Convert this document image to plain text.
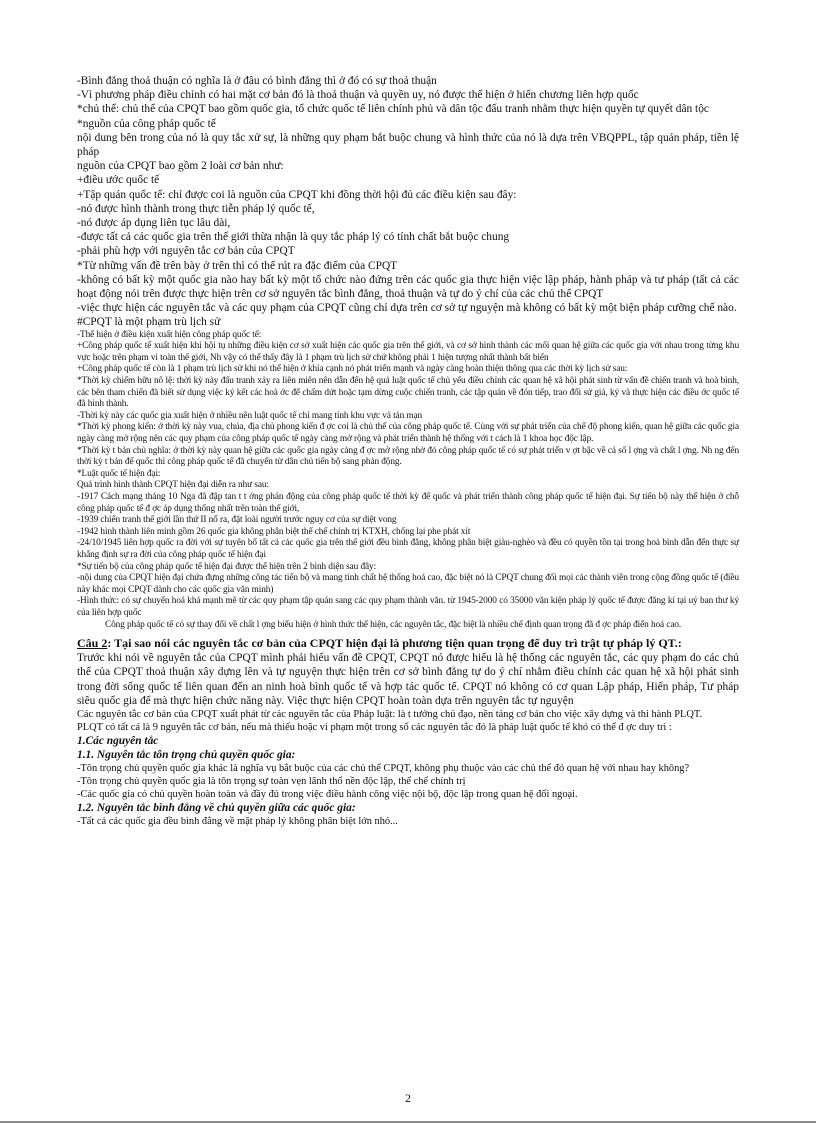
-Bình đẳng thoả thuận có nghĩa là ở đâu có bình đẳng thì ở đó có sự thoả thuận

-Vì phương pháp điều chỉnh có hai mặt cơ bản đó là thoả thuận và quyền uy, nó được thể hiện ở hiến chương liên hợp quốc

*chủ thể: chủ thể của CPQT bao gồm quốc gia, tổ chức quốc tế liên chính phủ và dân tộc đấu tranh nhằm thực hiện quyền tự quyết dân tộc

*nguồn của công pháp quốc tế

nội dung bên trong của nó là quy tắc xử sự, là những quy phạm bắt buộc chung và hình thức của nó là dựa trên VBQPPL, tập quán pháp, tiền lệ pháp

nguồn của CPQT bao gồm 2 loài cơ bản như:

+điều ước quốc tế

+Tập quán quốc tế: chỉ được coi là nguồn của CPQT khi đồng thời hội đủ các điều kiện sau đây:

-nó được hình thành trong thực tiễn pháp lý quốc tế,

-nó được áp dụng liên tục lâu dài,

-được tất cả các quốc gia trên thế giới thừa nhận là quy tắc pháp lý có tính chất bắt buộc chung

-phải phù hợp với nguyên tắc cơ bản của CPQT

*Từ những vấn đề trên bày ở trên thì có thể rút ra đặc điểm của CPQT

-không có bất kỳ một quốc gia nào hay bất kỳ một tổ chức nào đứng trên các quốc gia thực hiện việc lập pháp, hành pháp và tư pháp (tất cả các hoạt động nói trên được thực hiện trên cơ sở nguyên tắc bình đẳng, thoả thuận và tự do ý chí của các chủ thể CPQT

-việc thực hiện các nguyên tắc và các quy phạm của CPQT cũng chỉ dựa trên cơ sở tự nguyện mà không có bất kỳ một biện pháp cưỡng chế nào.

#CPQT là một phạm trù lịch sử

-Thể hiện ở điều kiện xuất hiện công pháp quốc tế:

+Công pháp quốc tế xuất hiện khi hội tụ những điều kiện cơ sở xuất hiện các quốc gia trên thế giới, và cơ sở hình thành các mối quan hệ giữa các quốc gia với nhau trong từng khu vực hoặc trên phạm vi toàn thế giới, Nh vậy có thể thấy đây là 1 phạm trù lịch sử chứ không phải 1 hiện tượng nhất thành bất biến

+Công pháp quốc tế còn là 1 phạm trù lịch sử khi nó thể hiện ở khía cạnh nó phát triển mạnh và ngày càng hoàn thiện thông qua các thời kỳ lịch sử sau:

*Thời kỳ chiếm hữu nô lệ: thời kỳ này đấu tranh xảy ra liên miên nên dẫn đến hệ quả luật quốc tế chủ yếu điều chỉnh các quan hệ xã hội phát sinh từ vấn đề chiến tranh và hoà bình, các bên tham chiến đã biết sử dụng việc ký kết các hoà ớc để chấm dứt hoặc tạm dừng cuộc chiến tranh, các tập quán về đón tiếp, trao đổi sứ giả, ký và thực hiện các điều ớc quốc tế đã hình thành.

-Thời kỳ này các quốc gia xuất hiện ở nhiều nên luật quốc tế chỉ mang tính khu vực và tản mạn

*Thời kỳ phong kiến: ở thời kỳ này vua, chúa, địa chủ phong kiến đ ợc coi là chủ thể của công pháp quốc tế. Cùng với sự phát triển của chế độ phong kiến, quan hệ giữa các quốc gia ngày càng mở rộng nên các quy phạm của công pháp quốc tế ngày càng mở rộng và phát triển thành hệ thống với t cách là 1 khoa học độc lập.

*Thời kỳ t bản chủ nghĩa: ở thời kỳ này quan hệ giữa các quốc gia ngày càng đ ợc mở rộng nhờ đó công pháp quốc tế có sự phát triển v ợt bậc về cả số l ợng và chất l ợng. Nh ng đến thời kỳ t bản đế quốc thì công pháp quốc tế đã chuyển từ dân chủ tiến bộ sang phản động.

*Luật quốc tế hiện đại:

Quá trình hình thành CPQT hiện đại diễn ra như sau:

-1917 Cách mạng tháng 10 Nga đã đập tan t t ởng phản động của công pháp quốc tế thời kỳ đế quốc và phát triển thành công pháp quốc tế hiện đại. Sự tiến bộ này thể hiện ở chỗ công pháp quốc tế đ ợc áp dụng thống nhất trên toàn thế giới,

-1939 chiến tranh thế giới lần thứ II nổ ra, đặt loài người trước nguy cơ của sự diệt vong

-1942 hình thành liên minh gồm 26 quốc gia không phân biệt thể chế chính trị KTXH, chống lại phe phát xít

-24/10/1945 liên hợp quốc ra đời với sự tuyên bố tất cả các quốc gia trên thế giới đều bình đẳng, không phân biệt giàu-nghèo và đều có quyền tồn tại trong hoà bình dẫn đến thực sự khẳng định sự ra đời của công pháp quốc tế hiện đại

*Sự tiến bộ của công pháp quốc tế hiện đại được thể hiện trên 2 bình diện sau đây:

-nội dung của CPQT hiện đại chứa đựng những công tác tiến bộ và mang tính chất hệ thống hoá cao, đặc biệt nó là CPQT chung đối mọi các thành viên trong cộng đồng quốc tế (điều này khác mọi CPQT dành cho các quốc gia văn minh)

-Hình thức: có sự chuyển hoá khá mạnh mẽ từ các quy phạm tập quán sang các quy phạm thành văn. từ 1945-2000 có 35000 văn kiện pháp lý quốc tế được đăng kí tại uỷ ban thư ký của liên hợp quốc

Công pháp quốc tế có sự thay đổi về chất l ợng biểu hiện ở hình thức thể hiện, các nguyên tắc, đặc biệt là nhiều chế định quan trọng đã đ ợc pháp điển hoá cao.

Câu 2: Tại sao nói các nguyên tắc cơ bản của CPQT hiện đại là phương tiện quan trọng để duy trì trật tự pháp lý QT.:

Trước khi nói về nguyên tắc của CPQT mình phải hiểu vấn đề CPQT, CPQT nó được hiểu là hệ thống các nguyên tắc, các quy phạm do các chủ thể của CPQT thoả thuận xây dựng lên và tự nguyện thực hiện trên cơ sở bình đẳng tự do ý chí nhằm điều chỉnh các quan hệ xã hội phát sinh trong đời sống quốc tế liên quan đến an ninh hoà bình quốc tế và hợp tác quốc tế. CPQT nó không có cơ quan Lập pháp, Hiến pháp, Tư pháp siêu quốc gia để mà thực hiện chức năng này. Việc thực hiện CPQT hoàn toàn dựa trên nguyên tắc tự nguyện

Các nguyên tắc cơ bản của CPQT xuất phát từ các nguyên tắc của Pháp luật: là t tưởng chủ đạo, nền tảng cơ bản cho việc xây dựng và thi hành PLQT.

PLQT có tất cả là 9 nguyên tắc cơ bản, nếu mà thiếu hoặc vi phạm một trong số các nguyên tắc đó là pháp luật quốc tế khó có thể đ ợc duy trì :

1.Các nguyên tắc

1.1. Nguyên tắc tôn trọng chủ quyền quốc gia:

-Tôn trọng chủ quyền quốc gia khác là nghĩa vụ bắt buộc của các chủ thể CPQT, không phụ thuộc vào các chủ thể đó quan hệ với nhau hay không?

-Tôn trọng chủ quyền quốc gia là tôn trọng sự toàn vẹn lãnh thổ nền độc lập, thể chế chính trị

-Các quốc gia có chủ quyền hoàn toàn và đầy đủ trong việc điều hành công việc nội bộ, độc lập trong quan hệ đối ngoại.

1.2. Nguyên tắc bình đẳng về chủ quyền giữa các quốc gia:

-Tất cả các quốc gia đều bình đẳng về mặt pháp lý không phân biệt lớn nhỏ...

2
